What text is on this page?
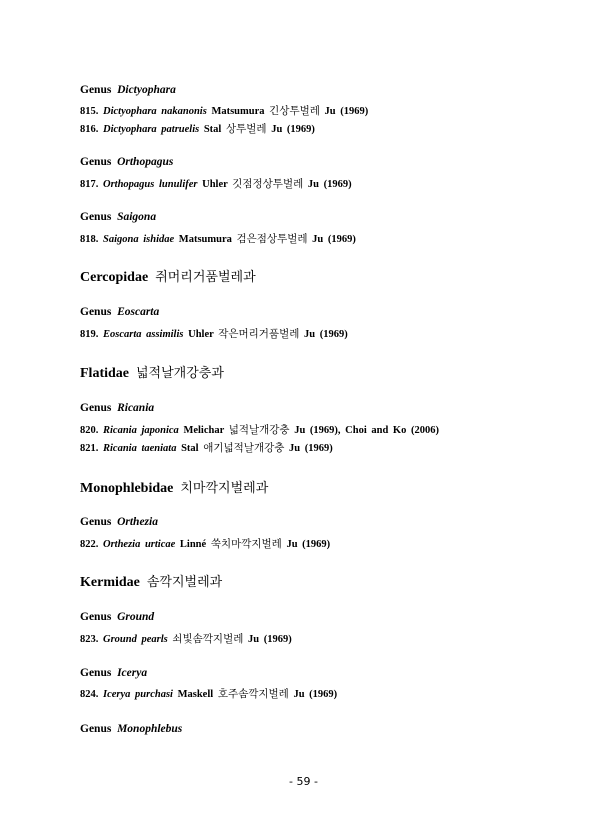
Genus Dictyophara
815. Dictyophara nakanonis Matsumura 긴상투벌레 Ju (1969)
816. Dictyophara patruelis Stal 상투벌레 Ju (1969)
Genus Orthopagus
817. Orthopagus lunulifer Uhler 깃점정상투벌레 Ju (1969)
Genus Saigona
818. Saigona ishidae Matsumura 검은점상투벌레 Ju (1969)
Cercopidae 쥐머리거품벌레과
Genus Eoscarta
819. Eoscarta assimilis Uhler 작은머리거품벌레 Ju (1969)
Flatidae 넓적날개강충과
Genus Ricania
820. Ricania japonica Melichar 넓적날개강충 Ju (1969), Choi and Ko (2006)
821. Ricania taeniata Stal 애기넓적날개강충 Ju (1969)
Monophlebidae 치마깍지벌레과
Genus Orthezia
822. Orthezia urticae Linné 쑥치마깍지벌레 Ju (1969)
Kermidae 솜깍지벌레과
Genus Ground
823. Ground pearls 쇠빛솜깍지벌레 Ju (1969)
Genus Icerya
824. Icerya purchasi Maskell 호주솜깍지벌레 Ju (1969)
Genus Monophlebus
- 59 -
